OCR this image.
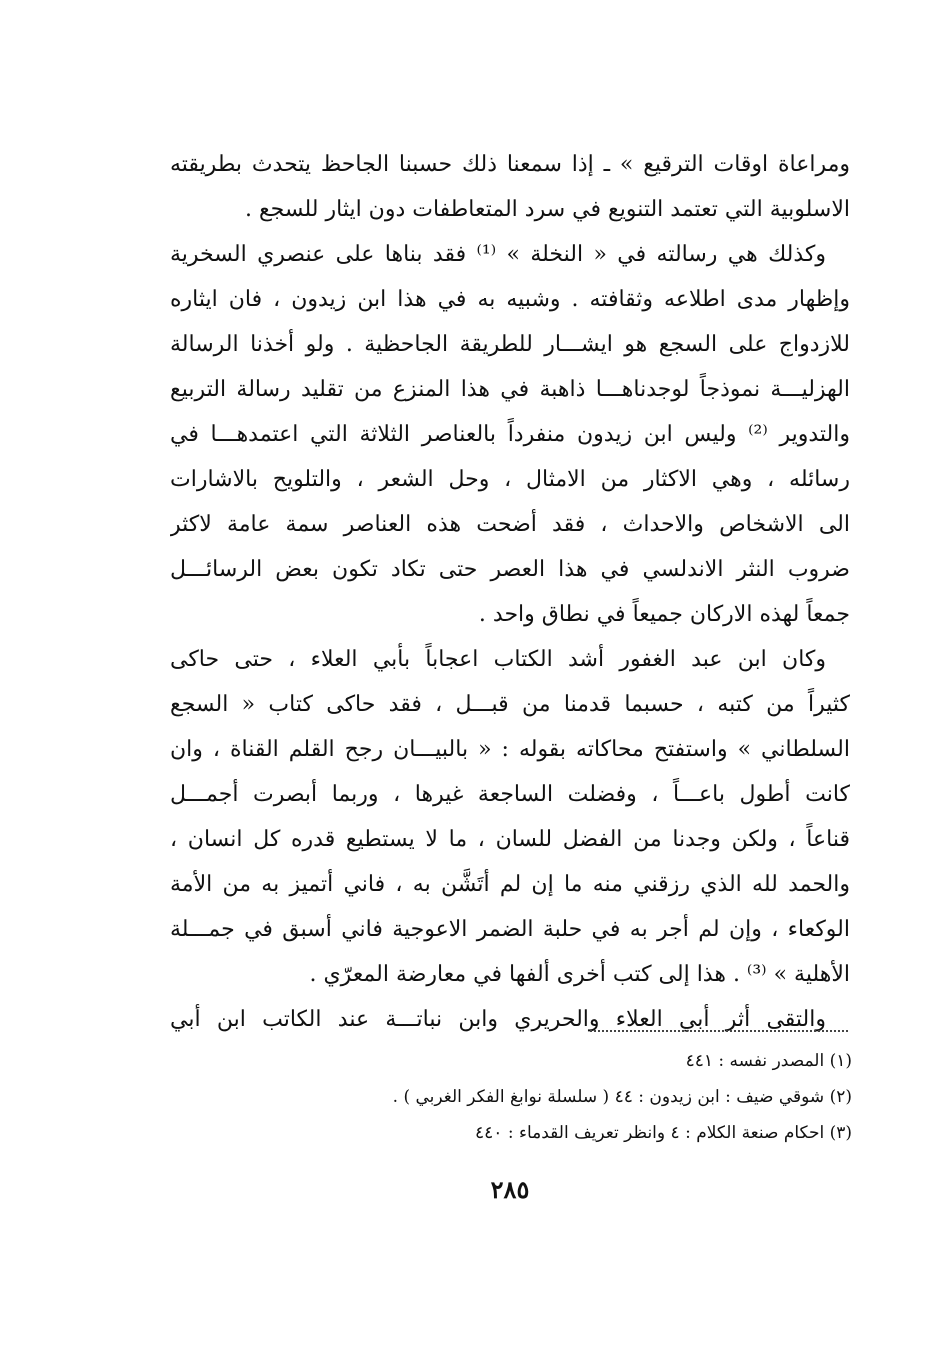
ومراعاة اوقات الترقيع » ـ إذا سمعنا ذلك حسبنا الجاحظ يتحدث بطريقته
الاسلوبية التي تعتمد التنويع في سرد المتعاطفات دون ايثار للسجع .
وكذلك هي رسالته في « النخلة » ⁽¹⁾ فقد بناها على عنصري السخرية
وإظهار مدى اطلاعه وثقافته . وشبيه به في هذا ابن زيدون ، فان ايثاره
للازدواج على السجع هو ايشـــار للطريقة الجاحظية . ولو أخذنا الرسالة
الهزليـــة نموذجاً لوجدناهـــا ذاهبة في هذا المنزع من تقليد رسالة التربيع
والتدوير ⁽²⁾ وليس ابن زيدون منفرداً بالعناصر الثلاثة التي اعتمدهـــا في
رسائله ، وهي الاكثار من الامثال ، وحل الشعر ، والتلويح بالاشارات
الى الاشخاص والاحداث ، فقد أضحت هذه العناصر سمة عامة لاكثر
ضروب النثر الاندلسي في هذا العصر حتى تكاد تكون بعض الرسائـــل
جمعاً لهذه الاركان جميعاً في نطاق واحد .
وكان ابن عبد الغفور أشد الكتاب اعجاباً بأبي العلاء ، حتى حاكى
كثيراً من كتبه ، حسبما قدمنا من قبـــل ، فقد حاكى كتاب « السجع
السلطاني » واستفتح محاكاته بقوله : « بالبيـــان رجح القلم القناة ، وان
كانت أطول باعـــاً ، وفضلت الساجعة غيرها ، وربما أبصرت أجمـــل
قناعاً ، ولكن وجدنا من الفضل للسان ، ما لا يستطيع قدره كل انسان ،
والحمد لله الذي رزقني منه ما إن لم أتَشَّن به ، فاني أتميز به من الأمة
الوكعاء ، وإن لم أجر به في حلبة الضمر الاعوجية فاني أسبق في جمـــلة
الأهلية » ⁽³⁾ . هذا إلى كتب أخرى ألفها في معارضة المعرّي .
والتقى أثر أبي العلاء والحريري وابن نباتـــة عند الكاتب ابن أبي
(١) المصدر نفسه : ٤٤١
(٢) شوقي ضيف : ابن زيدون : ٤٤ ( سلسلة نوابغ الفكر الغربي ) .
(٣) احكام صنعة الكلام : ٤ وانظر تعريف القدماء : ٤٤٠
٢٨٥
